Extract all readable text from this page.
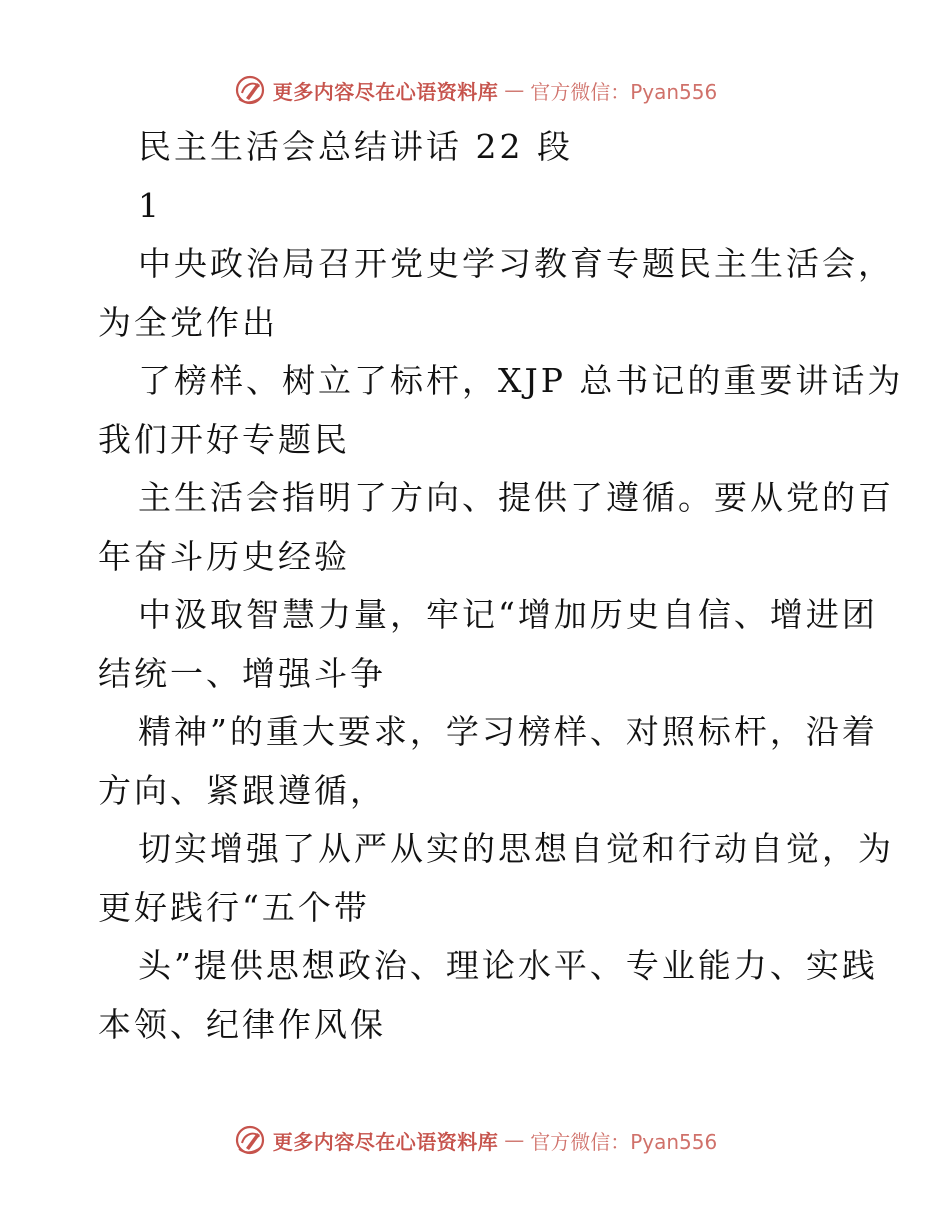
更多内容尽在心语资料库 — 官方微信：Pyan556
民主生活会总结讲话 22 段
1
中央政治局召开党史学习教育专题民主生活会，
为全党作出
了榜样、树立了标杆，XJP 总书记的重要讲话为
我们开好专题民
主生活会指明了方向、提供了遵循。要从党的百
年奋斗历史经验
中汲取智慧力量，牢记“增加历史自信、增进团
结统一、增强斗争
精神”的重大要求，学习榜样、对照标杆，沿着
方向、紧跟遵循，
切实增强了从严从实的思想自觉和行动自觉，为
更好践行“五个带
头”提供思想政治、理论水平、专业能力、实践
本领、纪律作风保
更多内容尽在心语资料库 — 官方微信：Pyan556
